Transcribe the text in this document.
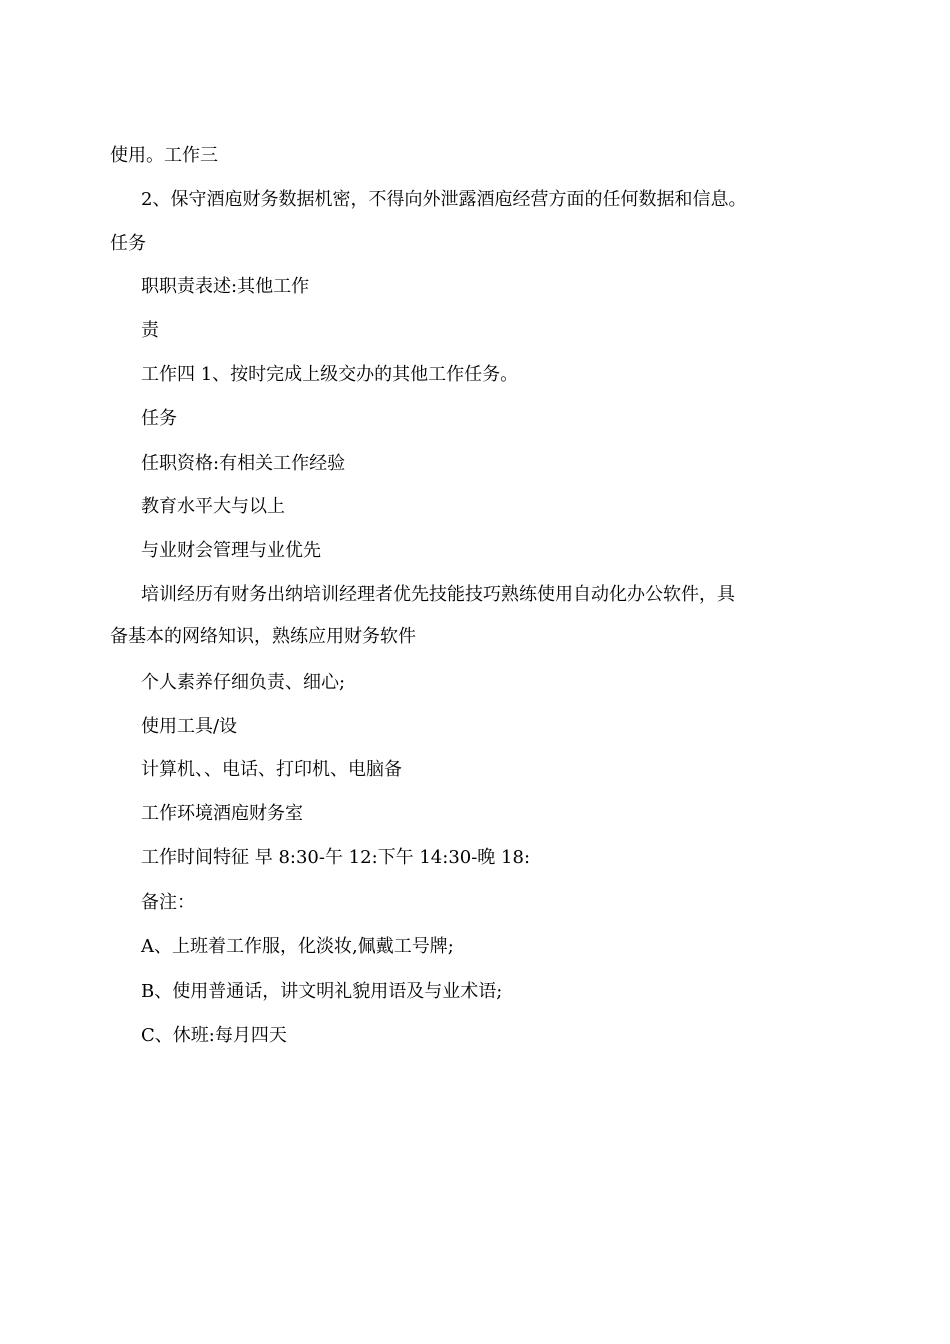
使用。工作三
2、保守酒庖财务数据机密，不得向外泄露酒庖经营方面的任何数据和信息。
任务
职职责表述:其他工作
责
工作四 1、按时完成上级交办的其他工作任务。
任务
任职资格:有相关工作经验
教育水平大与以上
与业财会管理与业优先
培训经历有财务出纳培训经理者优先技能技巧熟练使用自动化办公软件，具
备基本的网络知识，熟练应用财务软件
个人素养仔细负责、细心;
使用工具/设
计算机、、电话、打印机、电脑备
工作环境酒庖财务室
工作时间特征 早 8:30-午 12:下午 14:30-晚 18:
备注：
A、上班着工作服，化淡妆,佩戴工号牌;
B、使用普通话，讲文明礼貌用语及与业术语;
C、休班:每月四天
